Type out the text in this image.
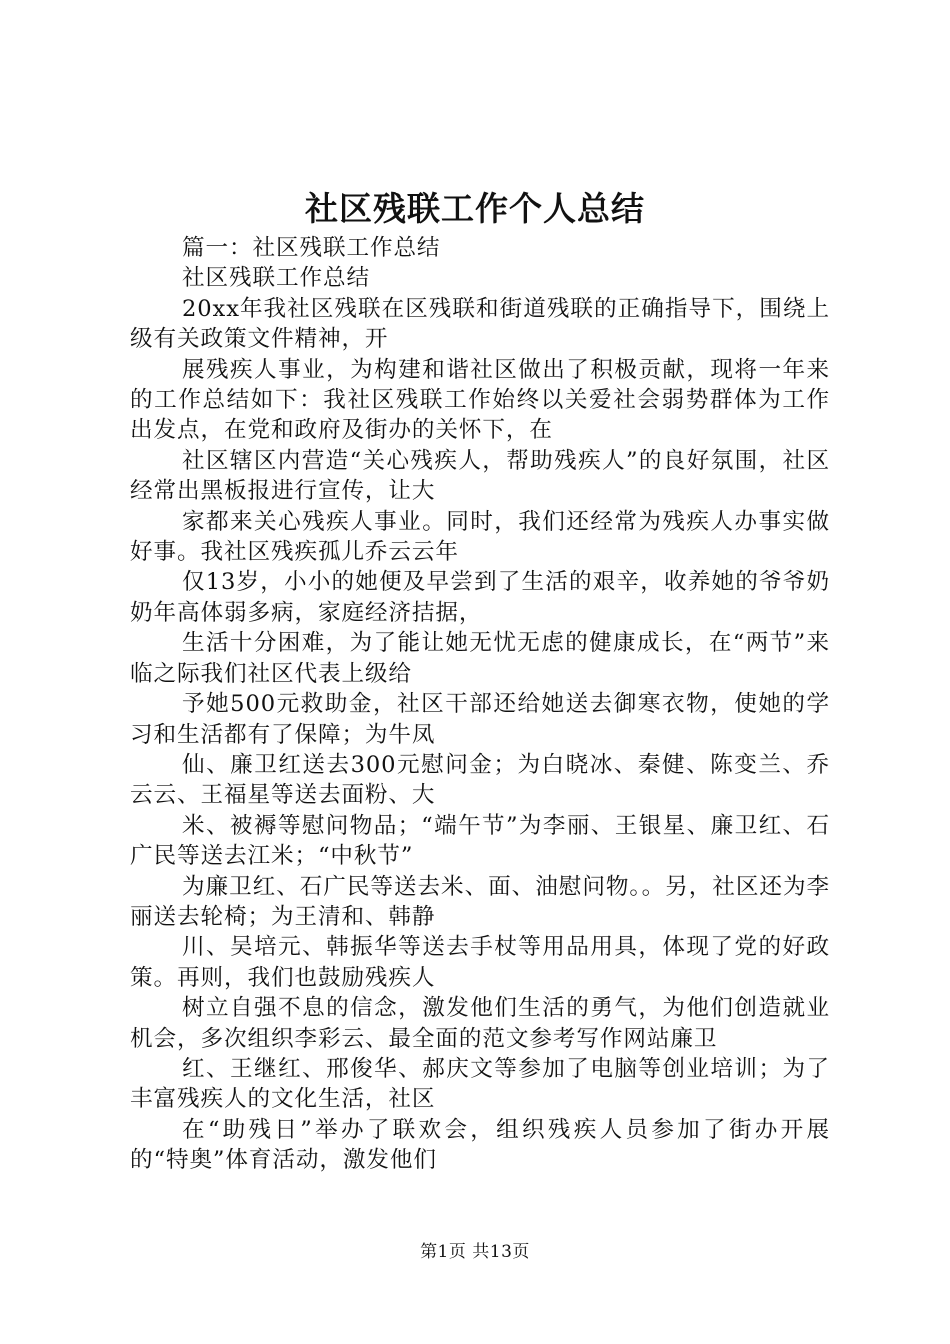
社区残联工作个人总结

篇一：社区残联工作总结

社区残联工作总结

20xx年我社区残联在区残联和街道残联的正确指导下，围绕上级有关政策文件精神，开

展残疾人事业，为构建和谐社区做出了积极贡献，现将一年来的工作总结如下：我社区残联工作始终以关爱社会弱势群体为工作出发点，在党和政府及街办的关怀下，在

社区辖区内营造“关心残疾人，帮助残疾人”的良好氛围，社区经常出黑板报进行宣传，让大

家都来关心残疾人事业。同时，我们还经常为残疾人办事实做好事。我社区残疾孤儿乔云云年

仅13岁，小小的她便及早尝到了生活的艰辛，收养她的爷爷奶奶年高体弱多病，家庭经济拮据，

生活十分困难，为了能让她无忧无虑的健康成长，在“两节”来临之际我们社区代表上级给

予她500元救助金，社区干部还给她送去御寒衣物，使她的学习和生活都有了保障；为牛凤

仙、廉卫红送去300元慰问金；为白晓冰、秦健、陈变兰、乔云云、王福星等送去面粉、大

米、被褥等慰问物品；“端午节”为李丽、王银星、廉卫红、石广民等送去江米；“中秋节”

为廉卫红、石广民等送去米、面、油慰问物。。另，社区还为李丽送去轮椅；为王清和、韩静

川、吴培元、韩振华等送去手杖等用品用具，体现了党的好政策。再则，我们也鼓励残疾人

树立自强不息的信念，激发他们生活的勇气，为他们创造就业机会，多次组织李彩云、最全面的范文参考写作网站廉卫

红、王继红、邢俊华、郝庆文等参加了电脑等创业培训；为了丰富残疾人的文化生活，社区

在“助残日”举办了联欢会，组织残疾人员参加了街办开展的“特奥”体育活动，激发他们

第1页 共13页
